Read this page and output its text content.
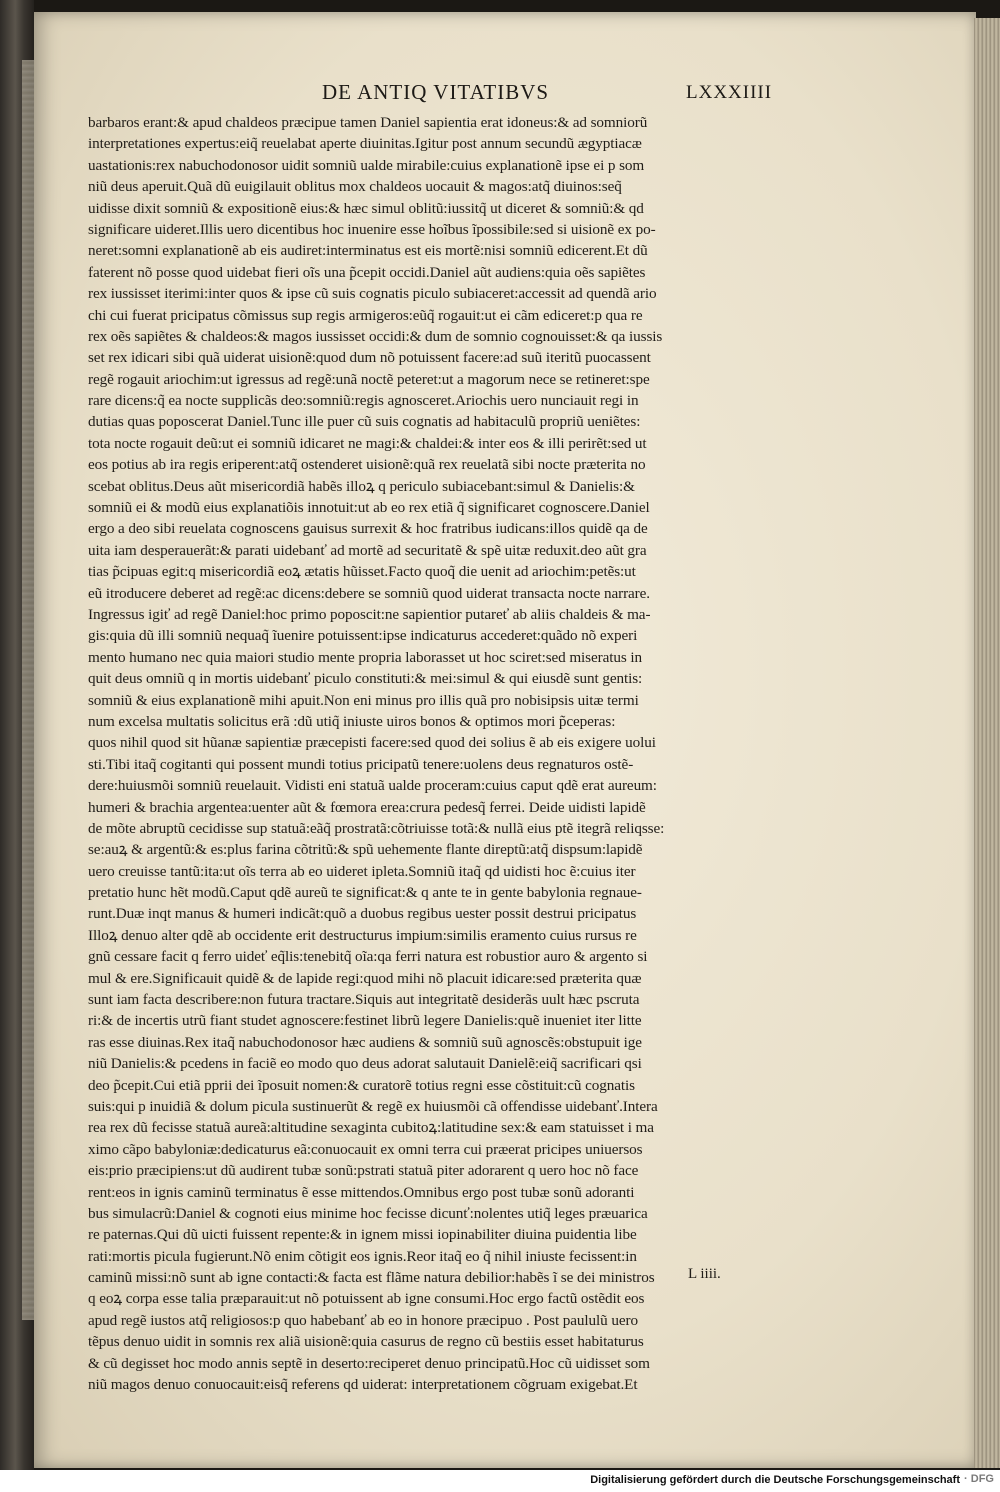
DE ANTIQ VITATIBVS	LXXXIIII
barbaros erant:& apud chaldeos præcipue tamen Daniel sapientia erat idoneus:& ad somniorũ
interpretationes expertus:eiq̃ reuelabat aperte diuinitas.Igitur post annum secundũ ægyptiacæ
uastationis:rex nabuchodonosor uidit somniũ ualde mirabile:cuius explanationẽ ipse ei p som
niũ deus aperuit.Quã dũ euigilauit oblitus mox chaldeos uocauit & magos:atq̃ diuinos:seq̃
uidisse dixit somniũ & expositionẽ eius:& hæc simul oblitũ:iussitq̃ ut diceret & somniũ:& qd
significare uideret.Illis uero dicentibus hoc inuenire esse hoĩbus ĩpossibile:sed si uisionẽ ex po-
neret:somni explanationẽ ab eis audiret:interminatus est eis mortẽ:nisi somniũ edicerent.Et dũ
faterent nõ posse quod uidebat fieri oĩs una p̃cepit occidi.Daniel aũt audiens:quia oẽs sapiẽtes
rex iussisset iterimi:inter quos & ipse cũ suis cognatis piculo subiaceret:accessit ad quendã ario
chi cui fuerat pricipatus cõmissus sup regis armigeros:eũq̃ rogauit:ut ei cãm ediceret:p qua re
rex oẽs sapiẽtes & chaldeos:& magos iussisset occidi:& dum de somnio cognouisset:& qa iussis
set rex idicari sibi quã uiderat uisionẽ:quod dum nõ potuissent facere:ad suũ iteritũ puocassent
regẽ rogauit ariochim:ut igressus ad regẽ:unã noctẽ peteret:ut a magorum nece se retineret:spe
rare dicens:q̃ ea nocte supplicãs deo:somniũ:regis agnosceret.Ariochis uero nunciauit regi in
dutias quas poposcerat Daniel.Tunc ille puer cũ suis cognatis ad habitaculũ propriũ ueniẽtes:
tota nocte rogauit deũ:ut ei somniũ idicaret ne magi:& chaldei:& inter eos & illi perirẽt:sed ut
eos potius ab ira regis eriperent:atq̃ ostenderet uisionẽ:quã rex reuelatã sibi nocte præterita no
scebat oblitus.Deus aũt misericordiã habẽs illoꝝ q periculo subiacebant:simul & Danielis:&
somniũ ei & modũ eius explanatiõis innotuit:ut ab eo rex etiã q̃ significaret cognoscere.Daniel
ergo a deo sibi reuelata cognoscens gauisus surrexit & hoc fratribus iudicans:illos quidẽ qa de
uita iam desperauerãt:& parati uidebanť ad mortẽ ad securitatẽ & spẽ uitæ reduxit.deo aũt gra
tias p̃cipuas egit:q misericordiã eoꝝ ætatis hũisset.Facto quoq̃ die uenit ad ariochim:petẽs:ut
eũ itroducere deberet ad regẽ:ac dicens:debere se somniũ quod uiderat transacta nocte narrare.
Ingressus igiť ad regẽ Daniel:hoc primo poposcit:ne sapientior putareť ab aliis chaldeis & ma-
gis:quia dũ illi somniũ nequaq̃ ĩuenire potuissent:ipse indicaturus accederet:quãdo nõ experi
mento humano nec quia maiori studio mente propria laborasset ut hoc sciret:sed miseratus in
quit deus omniũ q in mortis uidebanť piculo constituti:& mei:simul & qui eiusdẽ sunt gentis:
somniũ & eius explanationẽ mihi apuit.Non eni minus pro illis quã pro nobisipsis uitæ termi
num excelsa multatis solicitus erã :dũ utiq̃ iniuste uiros bonos & optimos mori p̃ceperas:
quos nihil quod sit hũanæ sapientiæ præcepisti facere:sed quod dei solius ẽ ab eis exigere uolui
sti.Tibi itaq̃ cogitanti qui possent mundi totius pricipatũ tenere:uolens deus regnaturos ostẽ-
dere:huiusmõi somniũ reuelauit. Vidisti eni statuã ualde proceram:cuius caput qdẽ erat aureum:
humeri & brachia argentea:uenter aũt & fœmora erea:crura pedesq̃ ferrei. Deide uidisti lapidẽ
de mõte abruptũ cecidisse sup statuã:eãq̃ prostratã:cõtriuisse totã:& nullã eius ptẽ itegrã reliqsse:
se:auꝝ & argentũ:& es:plus farina cõtritũ:& spũ uehemente flante direptũ:atq̃ dispsum:lapidẽ
uero creuisse tantũ:ita:ut oĩs terra ab eo uideret ipleta.Somniũ itaq̃ qd uidisti hoc ẽ:cuius iter
pretatio hunc hẽt modũ.Caput qdẽ aureũ te significat:& q ante te in gente babylonia regnaue-
runt.Duæ inqt manus & humeri indicãt:quõ a duobus regibus uester possit destrui pricipatus
Illoꝝ denuo alter qdẽ ab occidente erit destructurus impium:similis eramento cuius rursus re
gnũ cessare facit q ferro uideť eq̃lis:tenebitq̃ oĩa:qa ferri natura est robustior auro & argento si
mul & ere.Significauit quidẽ & de lapide regi:quod mihi nõ placuit idicare:sed præterita quæ
sunt iam facta describere:non futura tractare.Siquis aut integritatẽ desiderãs uult hæc pscruta
ri:& de incertis utrũ fiant studet agnoscere:festinet librũ legere Danielis:quẽ inueniet iter litte
ras esse diuinas.Rex itaq̃ nabuchodonosor hæc audiens & somniũ suũ agnoscẽs:obstupuit ige
niũ Danielis:& pcedens in faciẽ eo modo quo deus adorat salutauit Danielẽ:eiq̃ sacrificari qsi
deo p̃cepit.Cui etiã pprii dei ĩposuit nomen:& curatorẽ totius regni esse cõstituit:cũ cognatis
suis:qui p inuidiã & dolum picula sustinuerũt & regẽ ex huiusmõi cã offendisse uidebanť.Intera
rea rex dũ fecisse statuã aureã:altitudine sexaginta cubitoꝝ:latitudine sex:& eam statuisset i ma
ximo cãpo babyloniæ:dedicaturus eã:conuocauit ex omni terra cui præerat pricipes uniuersos
eis:prio præcipiens:ut dũ audirent tubæ sonũ:pstrati statuã piter adorarent q uero hoc nõ face
rent:eos in ignis caminũ terminatus ẽ esse mittendos.Omnibus ergo post tubæ sonũ adoranti
bus simulacrũ:Daniel & cognoti eius minime hoc fecisse dicunť:nolentes utiq̃ leges præuarica
re paternas.Qui dũ uicti fuissent repente:& in ignem missi iopinabiliter diuina puidentia libe
rati:mortis picula fugierunt.Nõ enim cõtigit eos ignis.Reor itaq̃ eo q̃ nihil iniuste fecissent:in
caminũ missi:nõ sunt ab igne contacti:& facta est flãme natura debilior:habẽs ĩ se dei ministros
q eoꝝ corpa esse talia præparauit:ut nõ potuissent ab igne consumi.Hoc ergo factũ ostẽdit eos
apud regẽ iustos atq̃ religiosos:p quo habebanť ab eo in honore præcipuo . Post paululũ uero
tẽpus denuo uidit in somnis rex aliã uisionẽ:quia casurus de regno cũ bestiis esset habitaturus
& cũ degisset hoc modo annis septẽ in deserto:reciperet denuo principatũ.Hoc cũ uidisset som
niũ magos denuo conuocauit:eisq̃ referens qd uiderat: interpretationem cõgruam exigebat.Et
L iiii.
Digitalisierung gefördert durch die Deutsche Forschungsgemeinschaft · DFG
